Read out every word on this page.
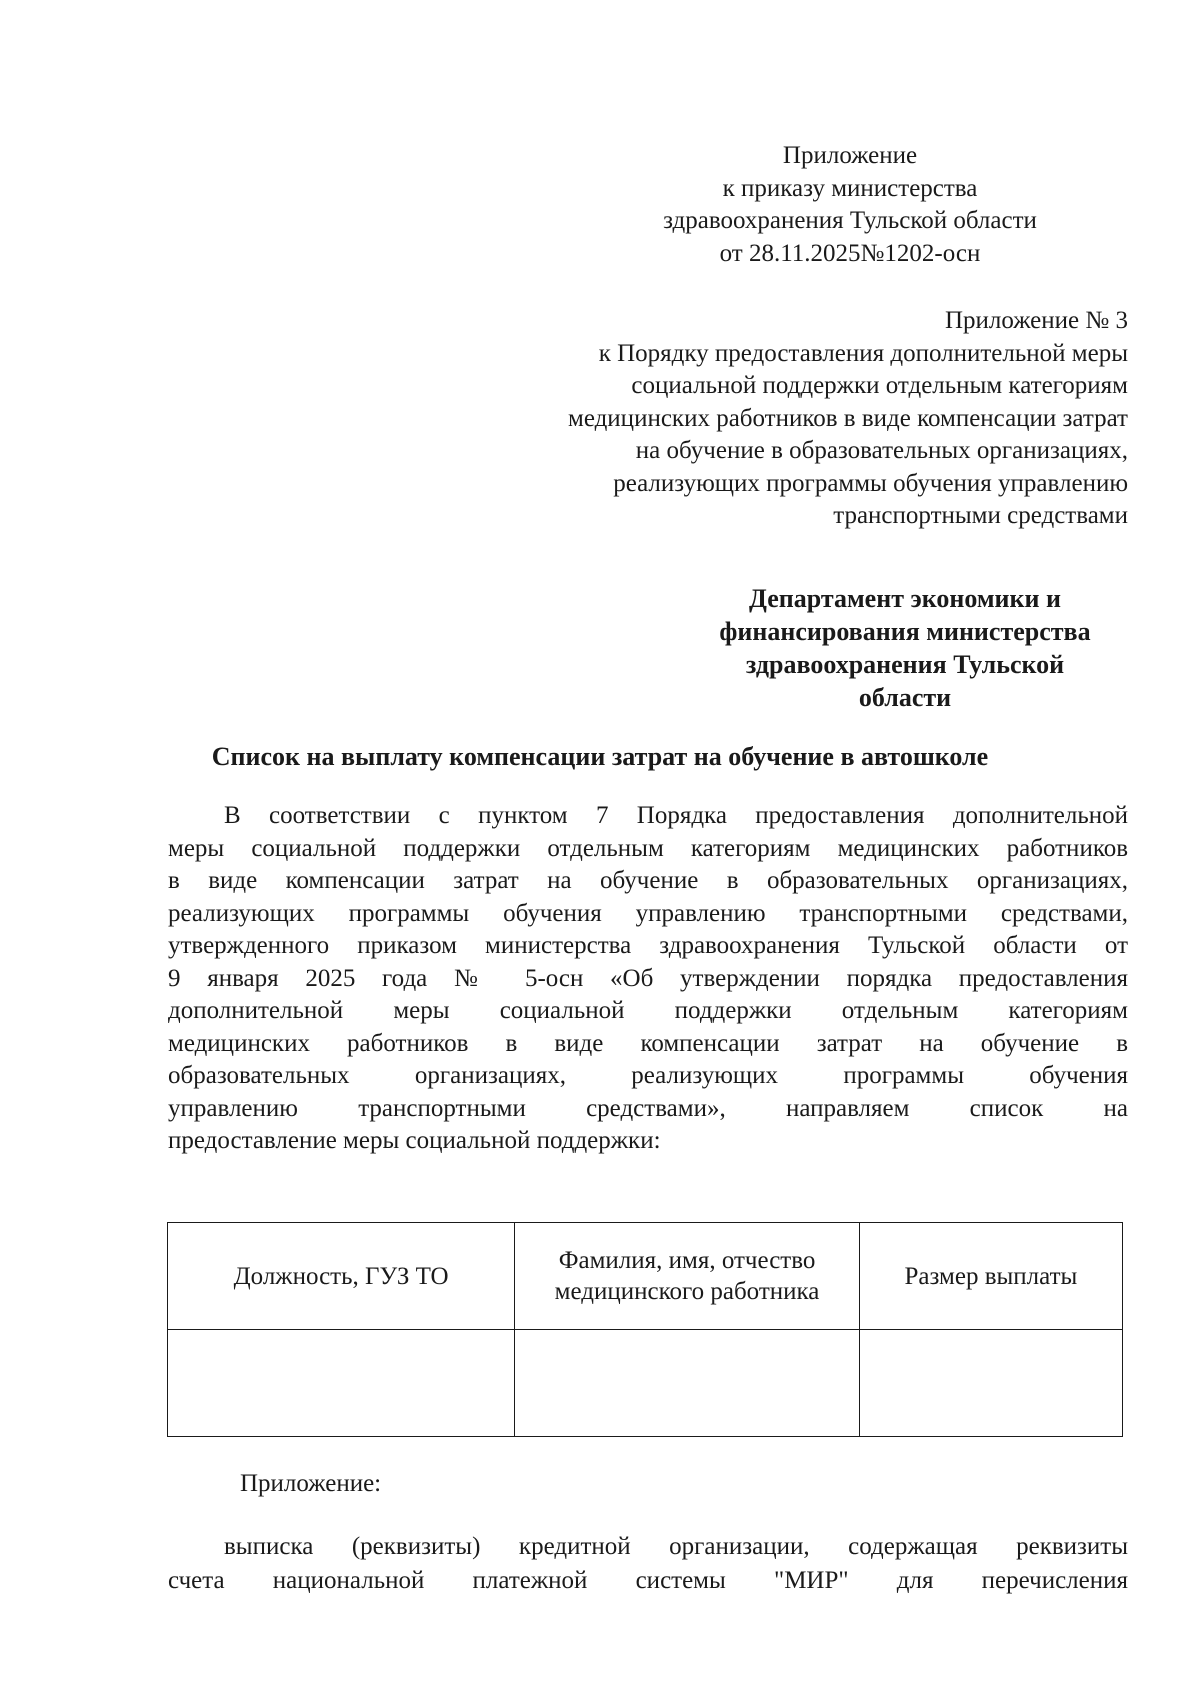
Приложение
к приказу министерства
здравоохранения Тульской области
от 28.11.2025№1202-осн
Приложение № 3
к Порядку предоставления дополнительной меры
социальной поддержки отдельным категориям
медицинских работников в виде компенсации затрат
на обучение в образовательных организациях,
реализующих программы обучения управлению
транспортными средствами
Департамент экономики и
финансирования министерства
здравоохранения Тульской
области
Список на выплату компенсации затрат на обучение в автошколе
В соответствии с пунктом 7 Порядка предоставления дополнительной
меры социальной поддержки отдельным категориям медицинских работников
в виде компенсации затрат на обучение в образовательных организациях,
реализующих программы обучения управлению транспортными средствами,
утвержденного приказом министерства здравоохранения Тульской области от
9 января 2025 года № 5-осн «Об утверждении порядка предоставления
дополнительной меры социальной поддержки отдельным категориям
медицинских работников в виде компенсации затрат на обучение в
образовательных организациях, реализующих программы обучения
управлению транспортными средствами», направляем список на
предоставление меры социальной поддержки:
Должность, ГУЗ ТО	Фамилия, имя, отчество медицинского работника	Размер выплаты

Приложение:
выписка (реквизиты) кредитной организации, содержащая реквизиты
счета национальной платежной системы "МИР" для перечисления
